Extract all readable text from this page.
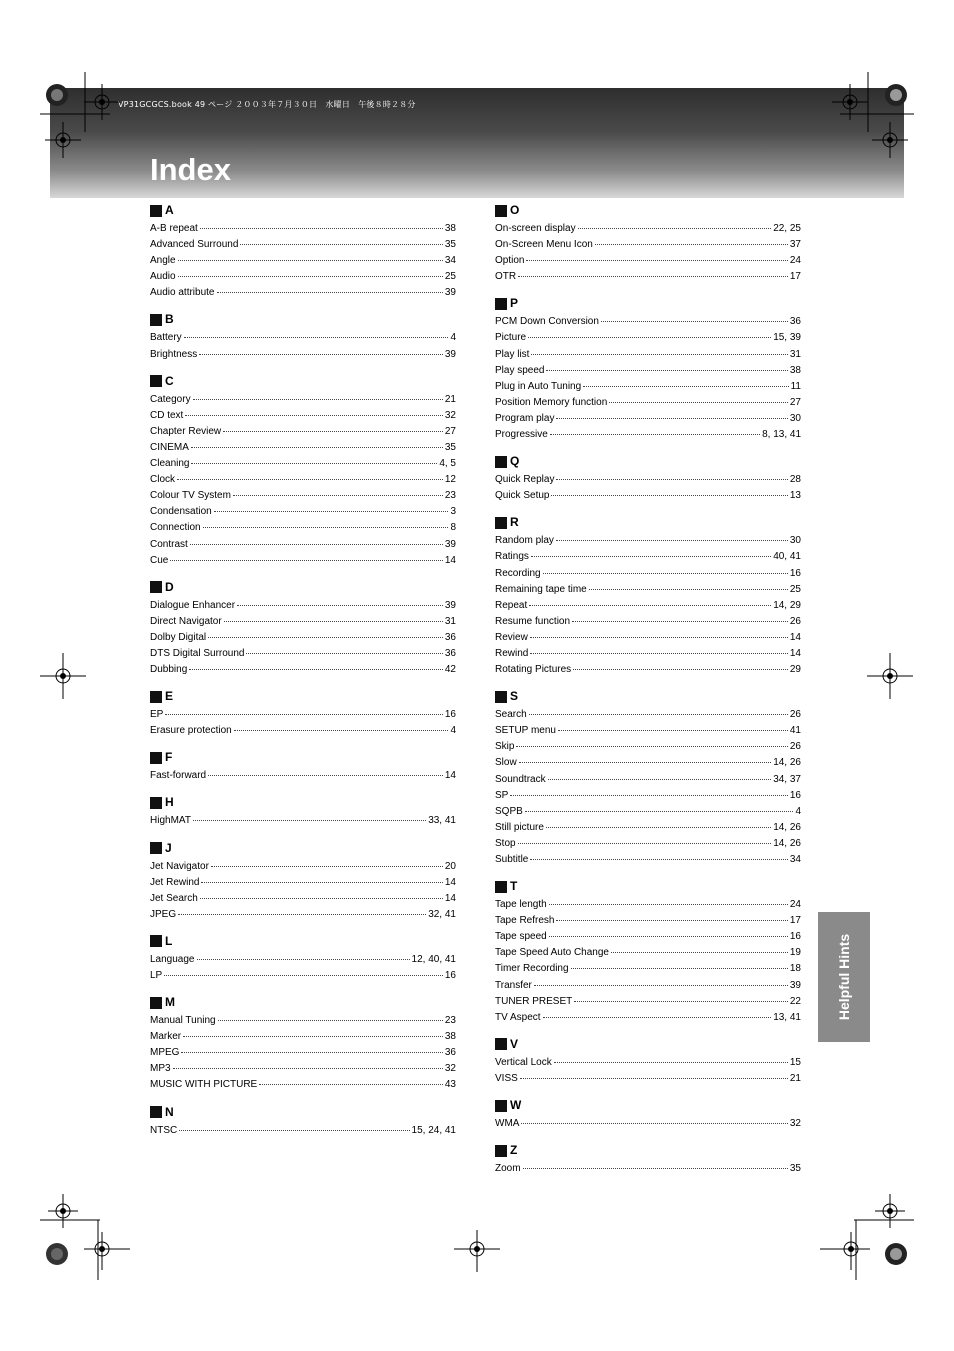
VP31GCGCS.book 49 ページ ２００３年７月３０日　水曜日　午後８時２８分
Index
A
A-B repeat	38
Advanced Surround	35
Angle	34
Audio	25
Audio attribute	39
B
Battery	4
Brightness	39
C
Category	21
CD text	32
Chapter Review	27
CINEMA	35
Cleaning	4, 5
Clock	12
Colour TV System	23
Condensation	3
Connection	8
Contrast	39
Cue	14
D
Dialogue Enhancer	39
Direct Navigator	31
Dolby Digital	36
DTS Digital Surround	36
Dubbing	42
E
EP	16
Erasure protection	4
F
Fast-forward	14
H
HighMAT	33, 41
J
Jet Navigator	20
Jet Rewind	14
Jet Search	14
JPEG	32, 41
L
Language	12, 40, 41
LP	16
M
Manual Tuning	23
Marker	38
MPEG	36
MP3	32
MUSIC WITH PICTURE	43
N
NTSC	15, 24, 41
O
On-screen display	22, 25
On-Screen Menu Icon	37
Option	24
OTR	17
P
PCM Down Conversion	36
Picture	15, 39
Play list	31
Play speed	38
Plug in Auto Tuning	11
Position Memory function	27
Program play	30
Progressive	8, 13, 41
Q
Quick Replay	28
Quick Setup	13
R
Random play	30
Ratings	40, 41
Recording	16
Remaining tape time	25
Repeat	14, 29
Resume function	26
Review	14
Rewind	14
Rotating Pictures	29
S
Search	26
SETUP menu	41
Skip	26
Slow	14, 26
Soundtrack	34, 37
SP	16
SQPB	4
Still picture	14, 26
Stop	14, 26
Subtitle	34
T
Tape length	24
Tape Refresh	17
Tape speed	16
Tape Speed Auto Change	19
Timer Recording	18
Transfer	39
TUNER PRESET	22
TV Aspect	13, 41
V
Vertical Lock	15
VISS	21
W
WMA	32
Z
Zoom	35
Helpful Hints
